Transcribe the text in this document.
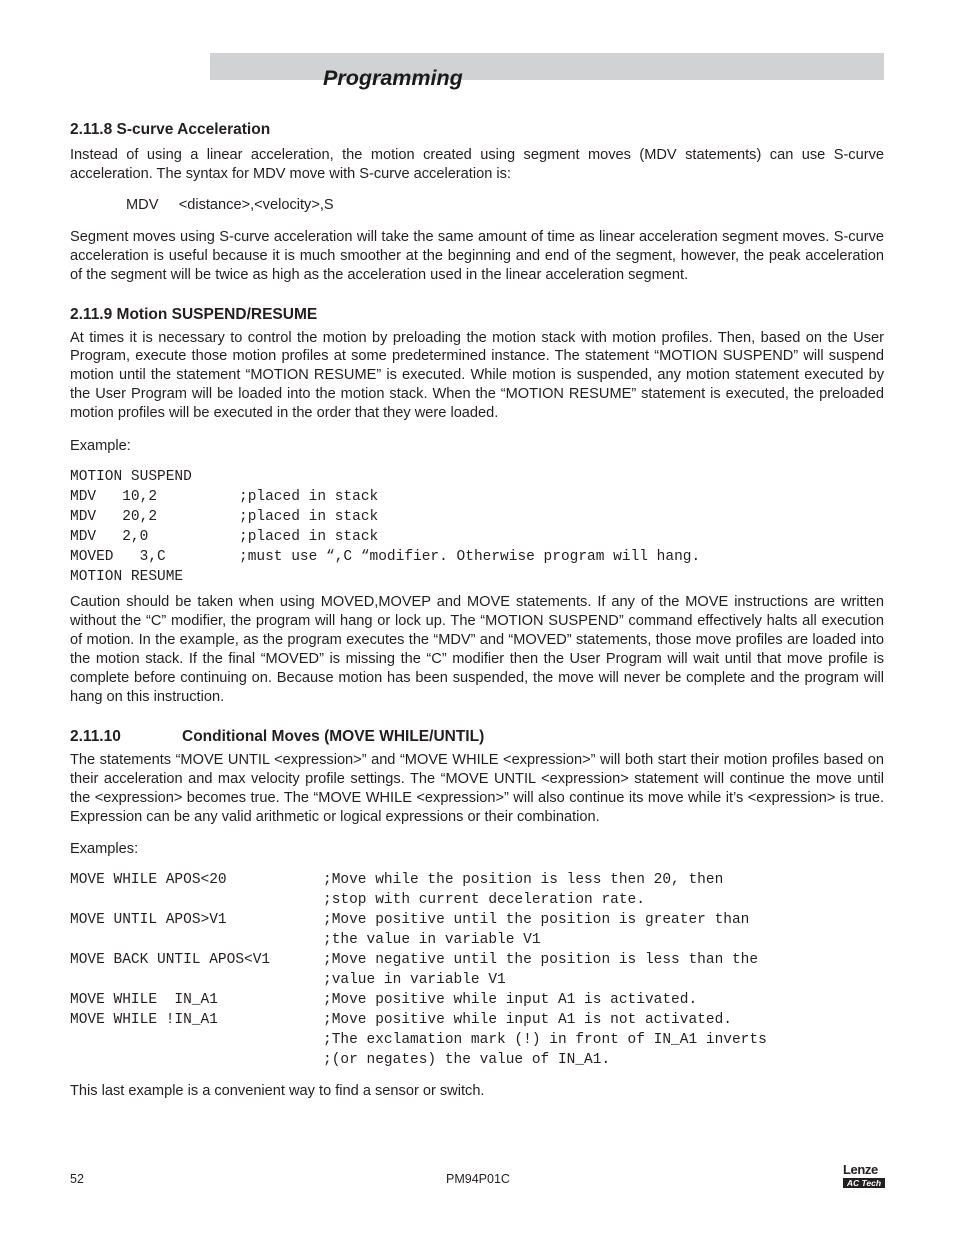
Programming
2.11.8 S-curve Acceleration

Instead of using a linear acceleration, the motion created using segment moves (MDV statements) can use S-curve acceleration. The syntax for MDV move with S-curve acceleration is:

MDV     <distance>,<velocity>,S

Segment moves using S-curve acceleration will take the same amount of time as linear acceleration segment moves. S-curve acceleration is useful because it is much smoother at the beginning and end of the segment, however, the peak acceleration of the segment will be twice as high as the acceleration used in the linear acceleration segment.

2.11.9 Motion SUSPEND/RESUME

At times it is necessary to control the motion by preloading the motion stack with motion profiles. Then, based on the User Program, execute those motion profiles at some predetermined instance. The statement “MOTION SUSPEND” will suspend motion until the statement “MOTION RESUME” is executed. While motion is suspended, any motion statement executed by the User Program will be loaded into the motion stack. When the “MOTION RESUME” statement is executed, the preloaded motion profiles will be executed in the order that they were loaded.

Example:

MOTION SUSPEND
MDV   10,2	;placed in stack
MDV   20,2	;placed in stack
MDV   2,0	;placed in stack
MOVED   3,C	;must use “,C “modifier. Otherwise program will hang.
MOTION RESUME

Caution should be taken when using MOVED,MOVEP and MOVE statements. If any of the MOVE instructions are written without the “C” modifier, the program will hang or lock up. The “MOTION SUSPEND” command effectively halts all execution of motion. In the example, as the program executes the “MDV” and “MOVED” statements, those move profiles are loaded into the motion stack. If the final “MOVED” is missing the “C” modifier then the User Program will wait until that move profile is complete before continuing on. Because motion has been suspended, the move will never be complete and the program will hang on this instruction.

2.11.10	Conditional Moves (MOVE WHILE/UNTIL)

The statements “MOVE UNTIL <expression>” and “MOVE WHILE <expression>” will both start their motion profiles based on their acceleration and max velocity profile settings. The “MOVE UNTIL <expression> statement will continue the move until the <expression> becomes true. The “MOVE WHILE <expression>” will also continue its move while it’s <expression> is true. Expression can be any valid arithmetic or logical expressions or their combination.

Examples:

MOVE WHILE APOS<20	;Move while the position is less then 20, then
;stop with current deceleration rate.
MOVE UNTIL APOS>V1	;Move positive until the position is greater than
;the value in variable V1
MOVE BACK UNTIL APOS<V1	;Move negative until the position is less than the
;value in variable V1
MOVE WHILE  IN_A1	;Move positive while input A1 is activated.
MOVE WHILE !IN_A1	;Move positive while input A1 is not activated.
;The exclamation mark (!) in front of IN_A1 inverts
;(or negates) the value of IN_A1.

This last example is a convenient way to find a sensor or switch.

52	PM94P01C
Lenze
AC Tech
